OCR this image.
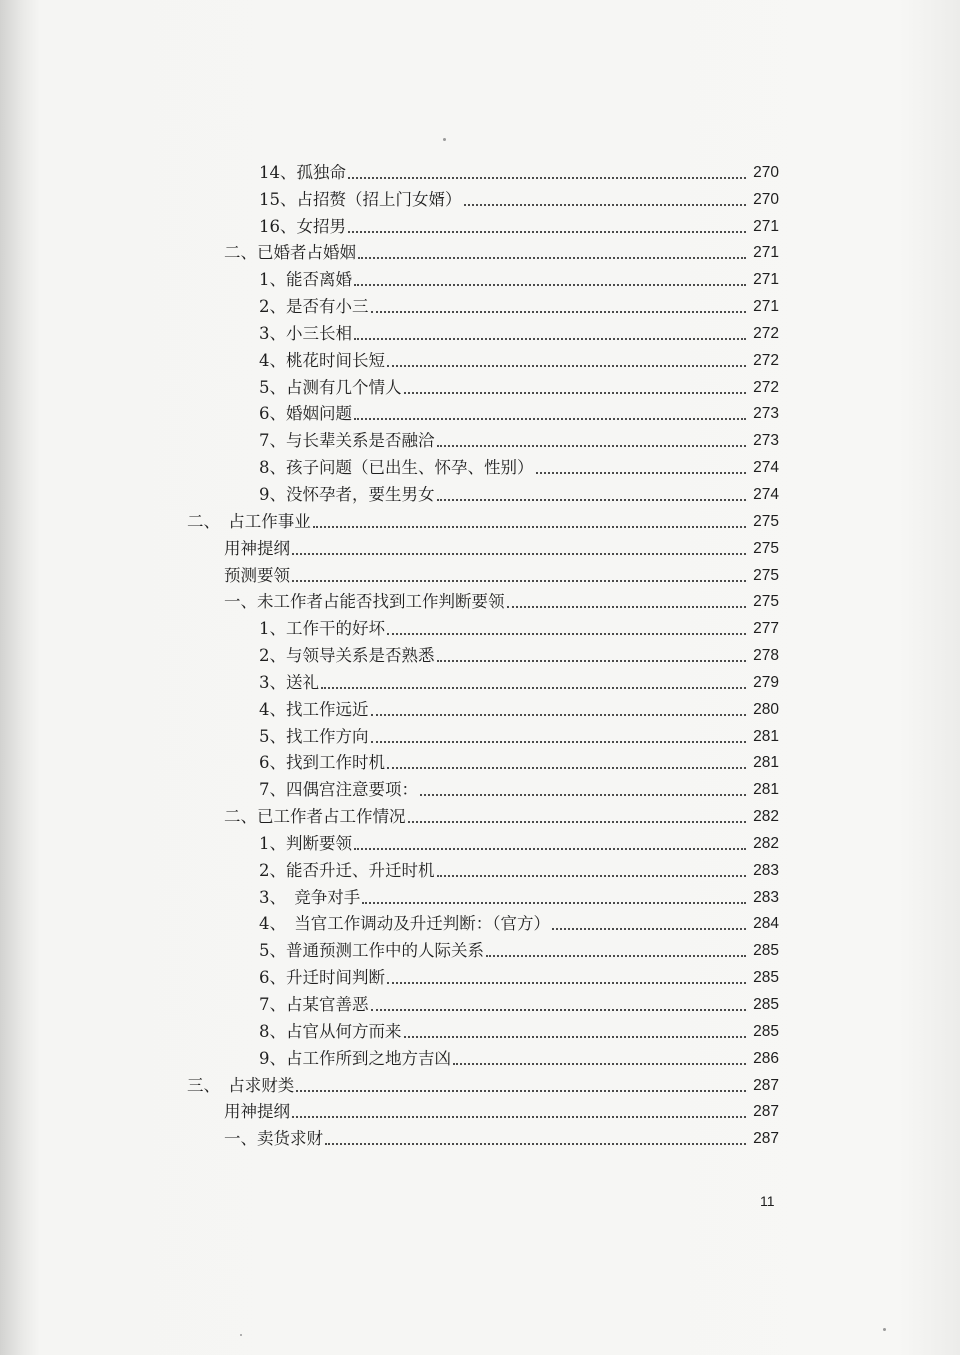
14、孤独命	270
15、占招赘（招上门女婿）	270
16、女招男	271
二、已婚者占婚姻	271
1、能否离婚	271
2、是否有小三	271
3、小三长相	272
4、桃花时间长短	272
5、占测有几个情人	272
6、婚姻问题	273
7、与长辈关系是否融洽	273
8、孩子问题（已出生、怀孕、性别）	274
9、没怀孕者，要生男女	274
二、　占工作事业	275
用神提纲	275
预测要领	275
一、未工作者占能否找到工作判断要领	275
1、工作干的好坏	277
2、与领导关系是否熟悉	278
3、送礼	279
4、找工作远近	280
5、找工作方向	281
6、找到工作时机	281
7、四偶宫注意要项：	281
二、已工作者占工作情况	282
1、判断要领	282
2、能否升迁、升迁时机	283
3、　竞争对手	283
4、　当官工作调动及升迁判断：（官方）	284
5、普通预测工作中的人际关系	285
6、升迁时间判断	285
7、占某官善恶	285
8、占官从何方而来	285
9、占工作所到之地方吉凶	286
三、　占求财类	287
用神提纲	287
一、卖货求财	287
11
